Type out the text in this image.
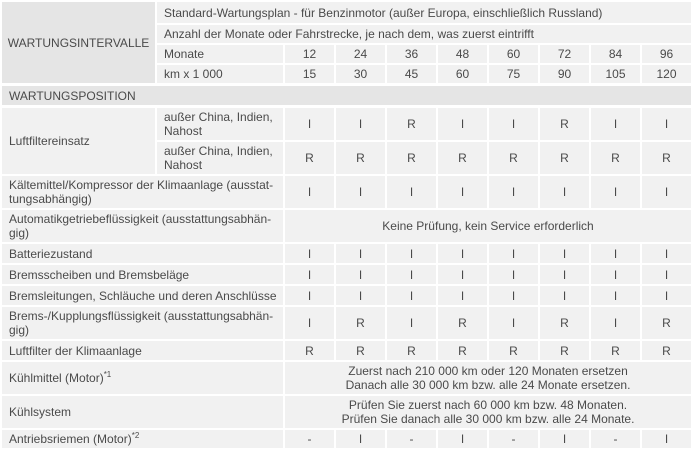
WARTUNGSINTERVALLE	Standard-Wartungsplan - für Benzinmotor (außer Europa, einschließlich Russland)								
	Anzahl der Monate oder Fahrstrecke, je nach dem, was zuerst eintrifft								
	Monate	12	24	36	48	60	72	84	96
	km x 1 000	15	30	45	60	75	90	105	120
WARTUNGSPOSITION									
Luftfiltereinsatz	außer China, Indien, Nahost	I	I	R	I	I	R	I	I
	außer China, Indien, Nahost	R	R	R	R	R	R	R	R
Kältemittel/Kompressor der Klimaanlage (ausstattungsabhängig)		I	I	I	I	I	I	I	I
Automatikgetriebeflüssigkeit (ausstattungsabhängig)		Keine Prüfung, kein Service erforderlich							
Batteriezustand		I	I	I	I	I	I	I	I
Bremsscheiben und Bremsbeläge		I	I	I	I	I	I	I	I
Bremsleitungen, Schläuche und deren Anschlüsse		I	I	I	I	I	I	I	I
Brems-/Kupplungsflüssigkeit (ausstattungsabhängig)		I	R	I	R	I	R	I	R
Luftfilter der Klimaanlage		R	R	R	R	R	R	R	R
Kühlmittel (Motor)$^{*1}$		Zuerst nach 210 000 km oder 120 Monaten ersetzen
Danach alle 30 000 km bzw. alle 24 Monate ersetzen.							

Kühlsystem		Prüfen Sie zuerst nach 60 000 km bzw. 48 Monaten.
Prüfen Sie danach alle 30 000 km bzw. alle 24 Monate.							

Antriebsriemen (Motor)$^{*2}$		-	I	-	I	-	I	-	I
